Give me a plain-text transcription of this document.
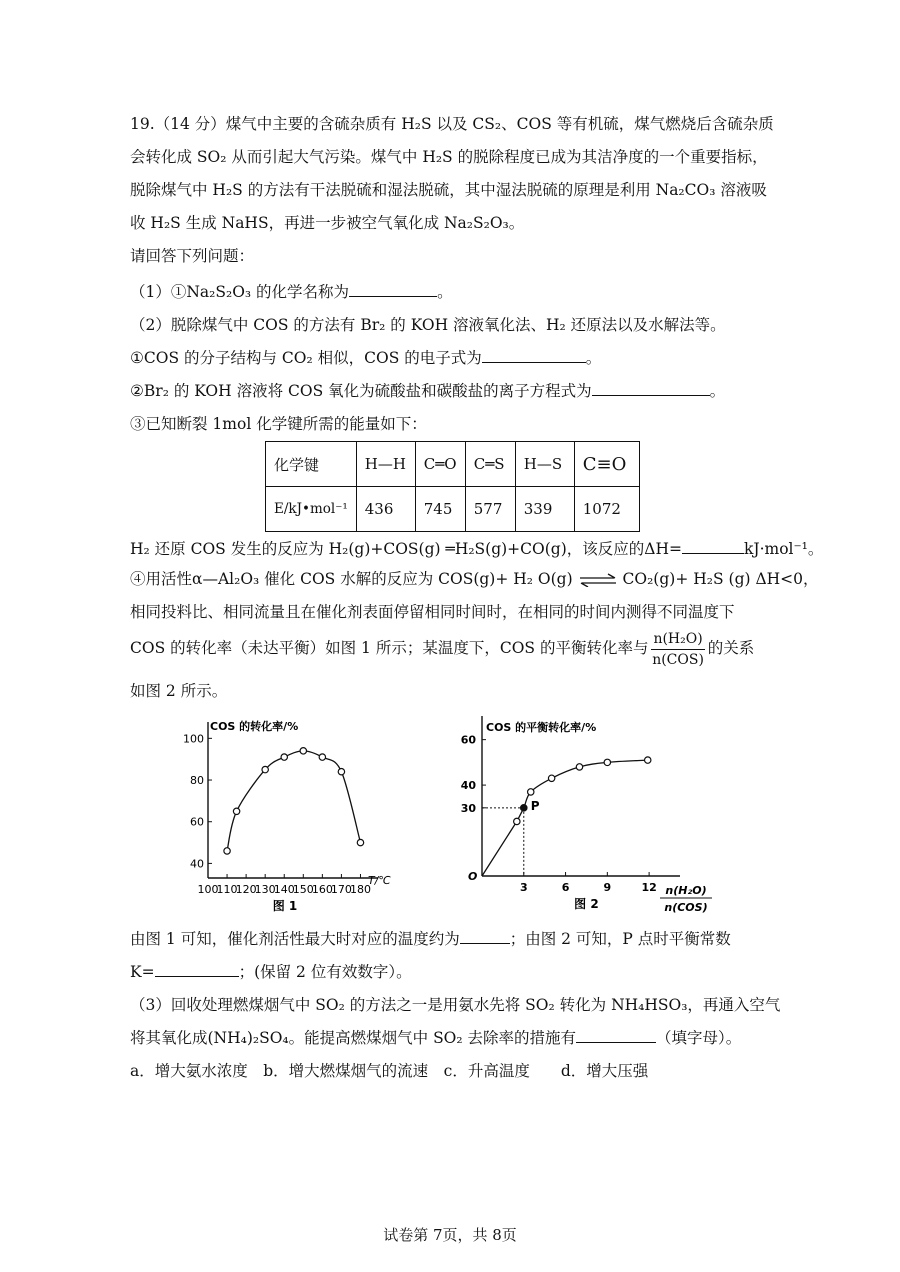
19.（14 分）煤气中主要的含硫杂质有 H₂S 以及 CS₂、COS 等有机硫，煤气燃烧后含硫杂质
会转化成 SO₂ 从而引起大气污染。煤气中 H₂S 的脱除程度已成为其洁净度的一个重要指标，
脱除煤气中 H₂S 的方法有干法脱硫和湿法脱硫，其中湿法脱硫的原理是利用 Na₂CO₃ 溶液吸
收 H₂S 生成 NaHS，再进一步被空气氧化成 Na₂S₂O₃。
请回答下列问题：
（1）①Na₂S₂O₃ 的化学名称为	。
（2）脱除煤气中 COS 的方法有 Br₂ 的 KOH 溶液氧化法、H₂ 还原法以及水解法等。
①COS 的分子结构与 CO₂ 相似，COS 的电子式为	。
②Br₂ 的 KOH 溶液将 COS 氧化为硫酸盐和碳酸盐的离子方程式为	。
③已知断裂 1mol 化学键所需的能量如下：
化学键	H—H	C═O	C═S	H—S	C≡O
E/kJ•mol⁻¹	436	745	577	339	1072
H₂ 还原 COS 发生的反应为 H₂(g)+COS(g) ═H₂S(g)+CO(g)，该反应的ΔH=	kJ·mol⁻¹。
④用活性α—Al₂O₃ 催化 COS 水解的反应为 COS(g)+ H₂ O(g) ⇌ CO₂(g)+ H₂S (g) ΔH<0，
相同投料比、相同流量且在催化剂表面停留相同时间时，在相同的时间内测得不同温度下
COS 的转化率（未达平衡）如图 1 所示；某温度下，COS 的平衡转化率与 $\frac{\text{n(H₂O)}}{\text{n(COS)}}$ 的关系
如图 2 所示。
COS 的转化率/%
T/℃
40
60
80
100
100
110
120
130
140
150
160
170
180
图 1
COS 的平衡转化率/%
O
30
40
60
3	6	9	12
P
图 2
n(H₂O)
n(COS)
由图 1 可知，催化剂活性最大时对应的温度约为	；由图 2 可知，P 点时平衡常数
K=	；(保留 2 位有效数字）。
（3）回收处理燃煤烟气中 SO₂ 的方法之一是用氨水先将 SO₂ 转化为 NH₄HSO₃，再通入空气
将其氧化成(NH₄)₂SO₄。能提高燃煤烟气中 SO₂ 去除率的措施有	（填字母）。
a．增大氨水浓度　b．增大燃煤烟气的流速　c．升高温度　　d．增大压强
试卷第 7页，共 8页
